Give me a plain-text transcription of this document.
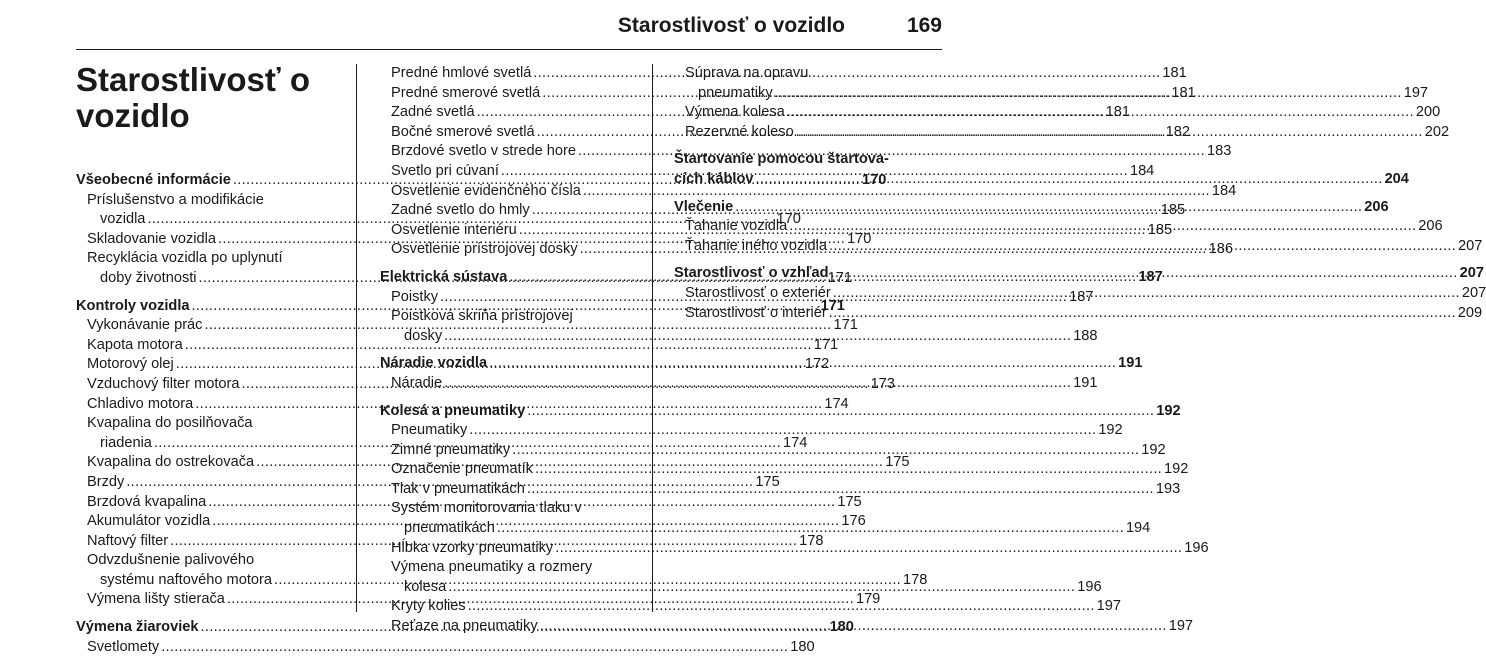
Starostlivosť o vozidlo	169
Starostlivosť o
vozidlo
Všeobecné informácie .....	170
Príslušenstvo a modifikácie
vozidla .....	170
Skladovanie vozidla .....	170
Recyklácia vozidla po uplynutí
doby životnosti .....	171
Kontroly vozidla .....	171
Vykonávanie prác .....	171
Kapota motora .....	171
Motorový olej .....	172
Vzduchový filter motora .....	173
Chladivo motora .....	174
Kvapalina do posilňovača
riadenia .....	174
Kvapalina do ostrekovača .....	175
Brzdy .....	175
Brzdová kvapalina .....	175
Akumulátor vozidla .....	176
Naftový filter .....	178
Odvzdušnenie palivového
systému naftového motora .....	178
Výmena lišty stierača .....	179
Výmena žiaroviek .....	180
Svetlomety .....	180
Predné hmlové svetlá .....	181
Predné smerové svetlá .....	181
Zadné svetlá .....	181
Bočné smerové svetlá .....	182
Brzdové svetlo v strede hore .....	183
Svetlo pri cúvaní .....	184
Osvetlenie evidenčného čísla .....	184
Zadné svetlo do hmly .....	185
Osvetlenie interiéru .....	185
Osvetlenie prístrojovej dosky .....	186
Elektrická sústava .....	187
Poistky .....	187
Poistková skriňa prístrojovej
dosky .....	188
Náradie vozidla .....	191
Náradie .....	191
Kolesá a pneumatiky .....	192
Pneumatiky .....	192
Zimné pneumatiky .....	192
Označenie pneumatík .....	192
Tlak v pneumatikách .....	193
Systém monitorovania tlaku v
pneumatikách .....	194
Hĺbka vzorky pneumatiky .....	196
Výmena pneumatiky a rozmery
kolesa .....	196
Kryty kolies .....	197
Reťaze na pneumatiky .....	197
Súprava na opravu
pneumatiky .....	197
Výmena kolesa .....	200
Rezervné koleso .....	202
Štartovanie pomocou štartova-
cích káblov .....	204
Vlečenie .....	206
Ťahanie vozidla .....	206
Ťahanie iného vozidla .....	207
Starostlivosť o vzhľad .....	207
Starostlivosť o exteriér .....	207
Starostlivosť o interiér .....	209
